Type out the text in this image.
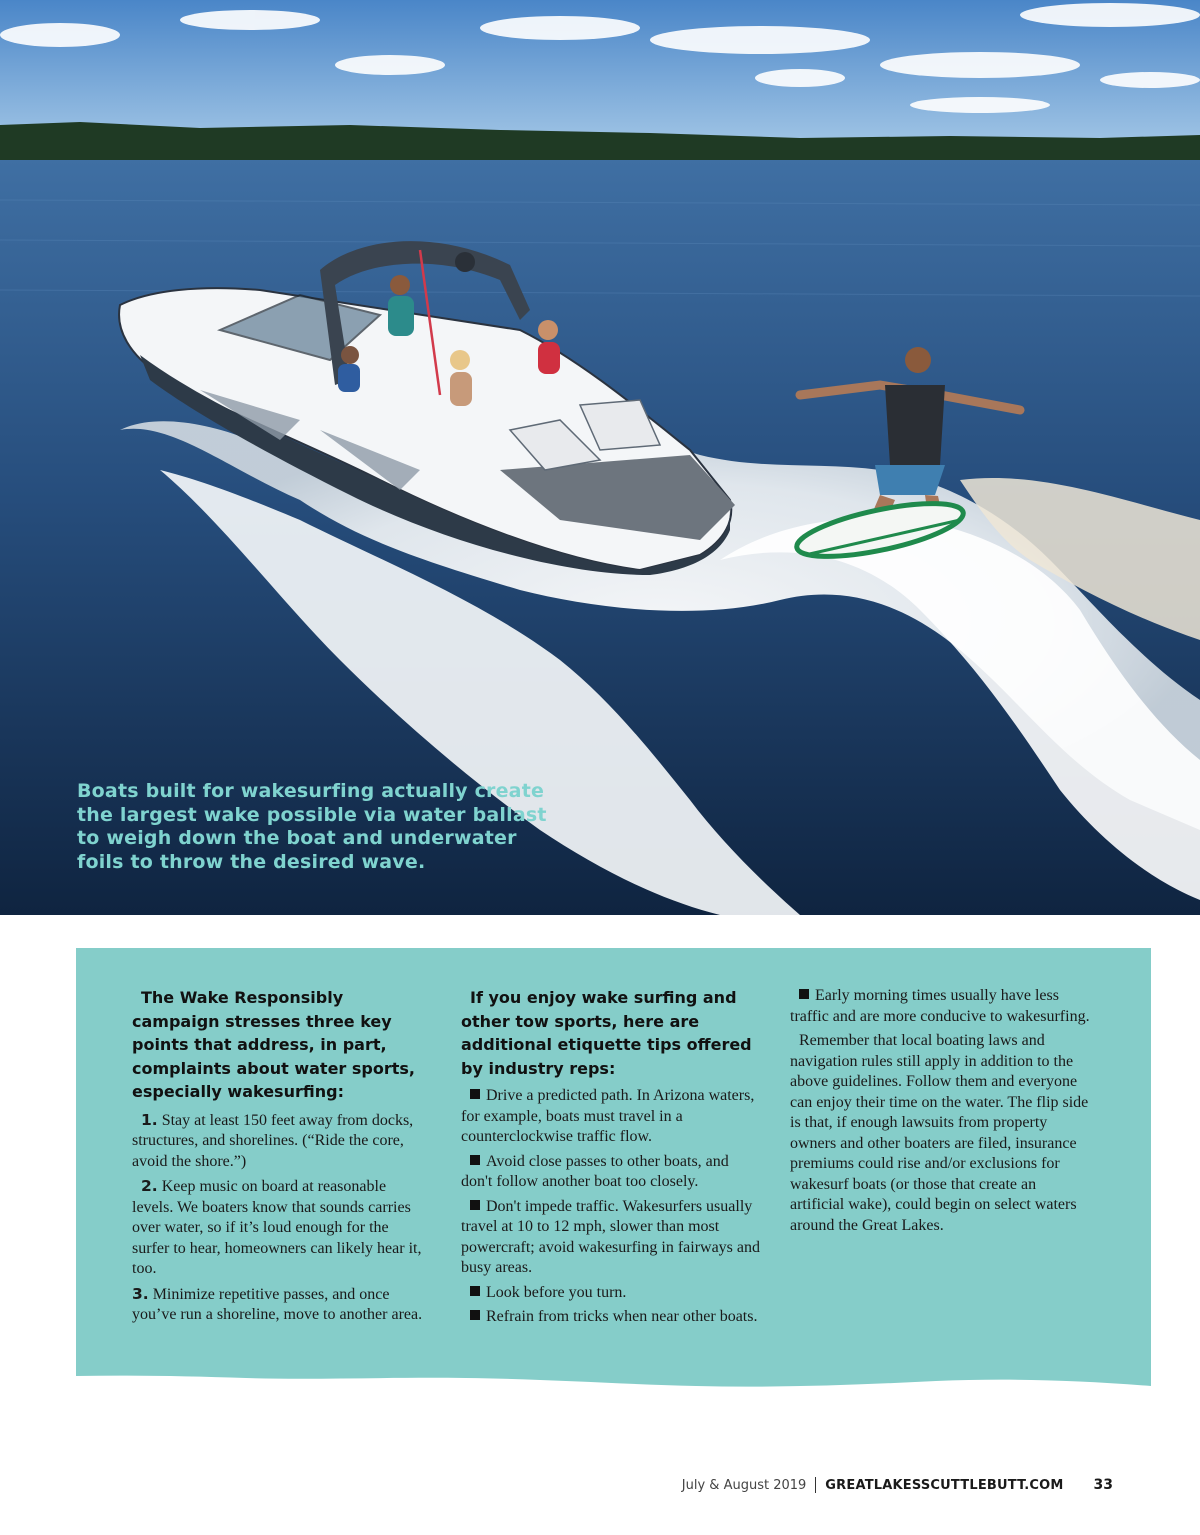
Boats built for wakesurfing actually create the largest wake possible via water ballast to weigh down the boat and underwater foils to throw the desired wave.
The Wake Responsibly campaign stresses three key points that address, in part, complaints about water sports, especially wakesurfing:

1. Stay at least 150 feet away from docks, structures, and shorelines. (“Ride the core, avoid the shore.”)

2. Keep music on board at reasonable levels. We boaters know that sounds carries over water, so if it’s loud enough for the surfer to hear, homeowners can likely hear it, too.

3. Minimize repetitive passes, and once you’ve run a shoreline, move to another area.

If you enjoy wake surfing and other tow sports, here are additional etiquette tips offered by industry reps:

Drive a predicted path. In Arizona waters, for example, boats must travel in a counterclockwise traffic flow.

Avoid close passes to other boats, and don't follow another boat too closely.

Don't impede traffic. Wakesurfers usually travel at 10 to 12 mph, slower than most powercraft; avoid wakesurfing in fairways and busy areas.

Look before you turn.

Refrain from tricks when near other boats.

Early morning times usually have less traffic and are more conducive to wakesurfing.

Remember that local boating laws and navigation rules still apply in addition to the above guidelines. Follow them and everyone can enjoy their time on the water. The flip side is that, if enough lawsuits from property owners and other boaters are filed, insurance premiums could rise and/or exclusions for wakesurf boats (or those that create an artificial wake), could begin on select waters around the Great Lakes.

July & August 2019 GREATLAKESSCUTTLEBUTT.COM 33
